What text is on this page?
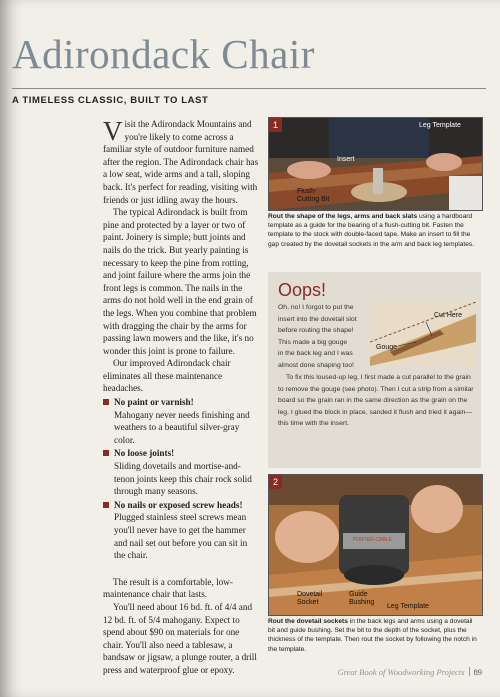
Adirondack Chair
A TIMELESS CLASSIC, BUILT TO LAST

Visit the Adirondack Mountains and you're likely to come across a familiar style of outdoor furniture named after the region. The Adirondack chair has a low seat, wide arms and a tall, sloping back. It's perfect for reading, visiting with friends or just idling away the hours.

The typical Adirondack is built from pine and protected by a layer or two of paint. Joinery is simple; butt joints and nails do the trick. But yearly painting is necessary to keep the pine from rotting, and joint failure where the arms join the front legs is common. The nails in the arms do not hold well in the end grain of the legs. When you combine that problem with dragging the chair by the arms for passing lawn mowers and the like, it's no wonder this joint is prone to failure.

Our improved Adirondack chair eliminates all these maintenance headaches.

No paint or varnish!
Mahogany never needs finishing and weathers to a beautiful silver-gray color.
No loose joints!
Sliding dovetails and mortise-and-tenon joints keep this chair rock solid through many seasons.
No nails or exposed screw heads!
Plugged stainless steel screws mean you'll never have to get the hammer and nail set out before you can sit in the chair.

The result is a comfortable, low-maintenance chair that lasts.

You'll need about 16 bd. ft. of 4/4 and 12 bd. ft. of 5/4 mahogany. Expect to spend about $90 on materials for one chair. You'll also need a tablesaw, a bandsaw or jigsaw, a plunge router, a drill press and waterproof glue or epoxy.

1	Leg Template
Insert
Flush-
Cutting Bit
Rout the shape of the legs, arms and back slats using a hardboard template as a guide for the bearing of a flush-cutting bit. Fasten the template to the stock with double-faced tape. Make an insert to fill the gap created by the dovetail sockets in the arm and back leg templates.
Oops!
Oh, no! I forgot to put the
insert into the dovetail slot
before routing the shape!
This made a big gouge
in the back leg and I was
almost done shaping too!
To fix this loused-up leg, I first made a cut parallel to the grain to remove the gouge (see photo). Then I cut a strip from a similar board so the grain ran in the same direction as the grain on the leg. I glued the block in place, sanded it flush and tried it again—this time with the insert.
Cut Here
Gouge
2
PORTER-CABLE
Dovetail
Socket
Guide
Bushing
Leg Template
Rout the dovetail sockets in the back legs and arms using a dovetail bit and guide bushing. Set the bit to the depth of the socket, plus the thickness of the template. Then rout the socket by following the notch in the template.
Great Book of Woodworking Projects 89
